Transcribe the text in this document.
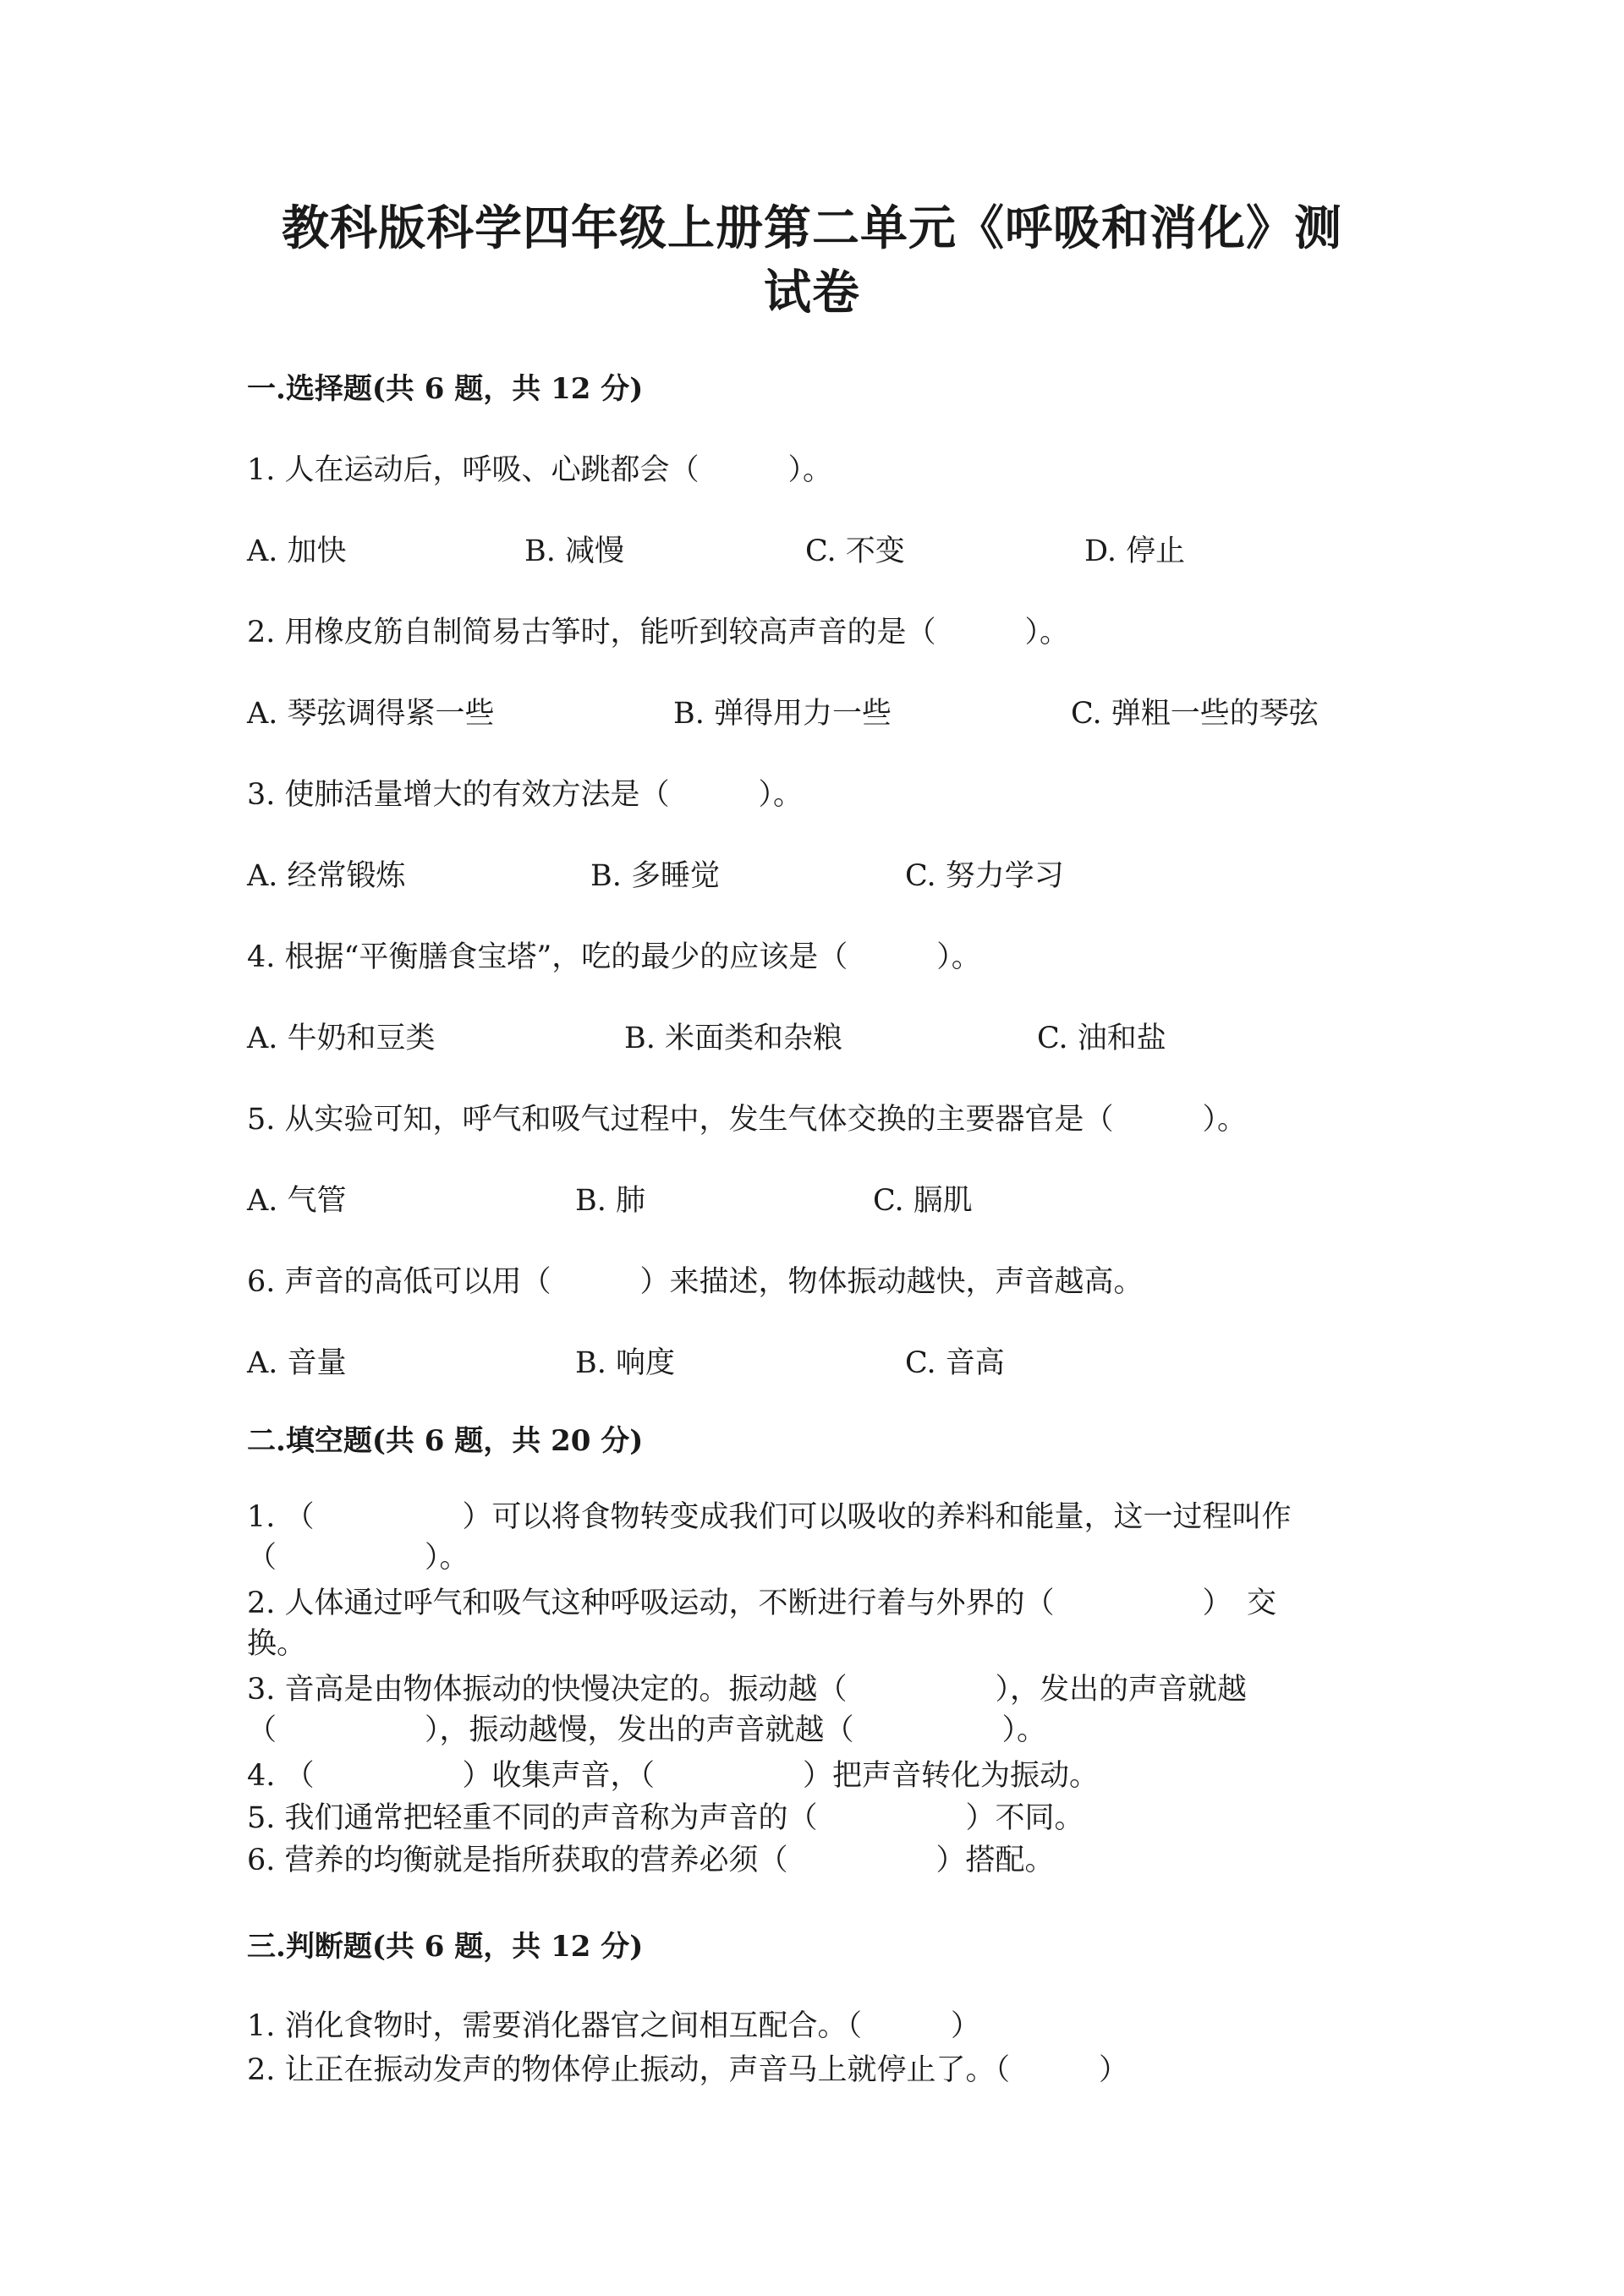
教科版科学四年级上册第二单元《呼吸和消化》测
试卷
一.选择题(共 6 题，共 12 分)
1. 人在运动后，呼吸、心跳都会（　　　）。
A. 加快	B. 减慢	C. 不变	D. 停止
2. 用橡皮筋自制简易古筝时，能听到较高声音的是（　　　）。
A. 琴弦调得紧一些	B. 弹得用力一些	C. 弹粗一些的琴弦
3. 使肺活量增大的有效方法是（　　　）。
A. 经常锻炼	B. 多睡觉	C. 努力学习
4. 根据“平衡膳食宝塔”，吃的最少的应该是（　　　）。
A. 牛奶和豆类	B. 米面类和杂粮	C. 油和盐
5. 从实验可知，呼气和吸气过程中，发生气体交换的主要器官是（　　　）。
A. 气管	B. 肺	C. 膈肌
6. 声音的高低可以用（　　　）来描述，物体振动越快，声音越高。
A. 音量	B. 响度	C. 音高
二.填空题(共 6 题，共 20 分)
1. （　　　　　）可以将食物转变成我们可以吸收的养料和能量，这一过程叫作
（　　　　　）。
2. 人体通过呼气和吸气这种呼吸运动，不断进行着与外界的（　　　　　）　交
换。
3. 音高是由物体振动的快慢决定的。振动越（　　　　　），发出的声音就越
（　　　　　），振动越慢，发出的声音就越（　　　　　）。
4. （　　　　　）收集声音，（　　　　　）把声音转化为振动。
5. 我们通常把轻重不同的声音称为声音的（　　　　　）不同。
6. 营养的均衡就是指所获取的营养必须（　　　　　）搭配。
三.判断题(共 6 题，共 12 分)
1. 消化食物时，需要消化器官之间相互配合。（　　　）
2. 让正在振动发声的物体停止振动，声音马上就停止了。（　　　）
